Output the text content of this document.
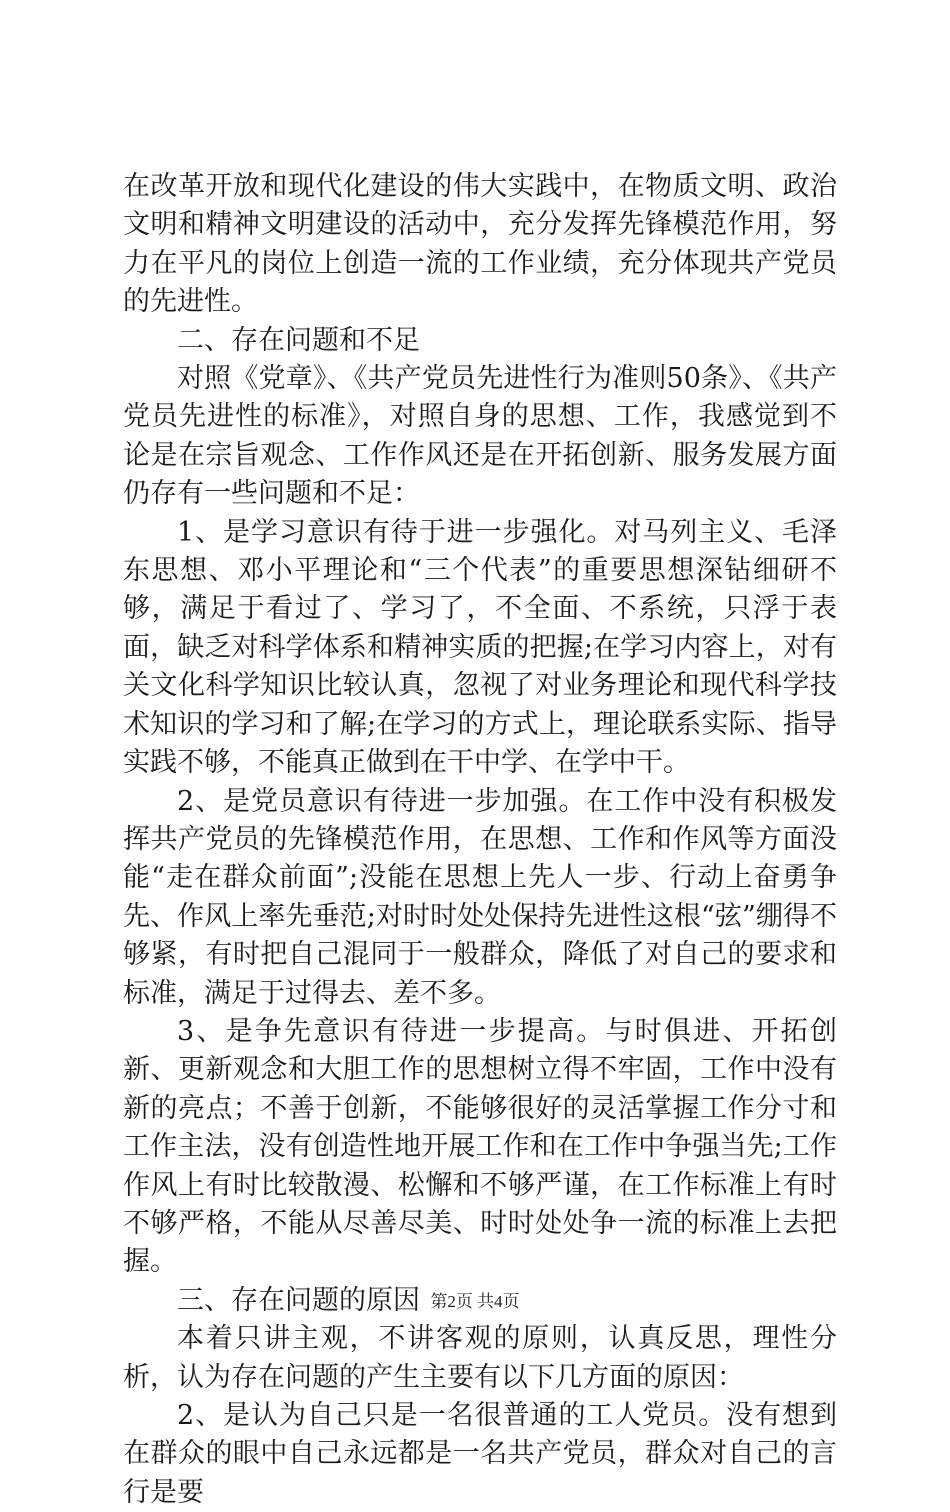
在改革开放和现代化建设的伟大实践中，在物质文明、政治文明和精神文明建设的活动中，充分发挥先锋模范作用，努力在平凡的岗位上创造一流的工作业绩，充分体现共产党员的先进性。

二、存在问题和不足

对照《党章》、《共产党员先进性行为准则50条》、《共产党员先进性的标准》，对照自身的思想、工作，我感觉到不论是在宗旨观念、工作作风还是在开拓创新、服务发展方面仍存有一些问题和不足：

1、是学习意识有待于进一步强化。对马列主义、毛泽东思想、邓小平理论和“三个代表”的重要思想深钻细研不够，满足于看过了、学习了，不全面、不系统，只浮于表面，缺乏对科学体系和精神实质的把握;在学习内容上，对有关文化科学知识比较认真，忽视了对业务理论和现代科学技术知识的学习和了解;在学习的方式上，理论联系实际、指导实践不够，不能真正做到在干中学、在学中干。

2、是党员意识有待进一步加强。在工作中没有积极发挥共产党员的先锋模范作用，在思想、工作和作风等方面没能“走在群众前面”;没能在思想上先人一步、行动上奋勇争先、作风上率先垂范;对时时处处保持先进性这根“弦”绷得不够紧，有时把自己混同于一般群众，降低了对自己的要求和标准，满足于过得去、差不多。

3、是争先意识有待进一步提高。与时俱进、开拓创新、更新观念和大胆工作的思想树立得不牢固，工作中没有新的亮点；不善于创新，不能够很好的灵活掌握工作分寸和工作主法，没有创造性地开展工作和在工作中争强当先;工作作风上有时比较散漫、松懈和不够严谨，在工作标准上有时不够严格，不能从尽善尽美、时时处处争一流的标准上去把握。

三、存在问题的原因

本着只讲主观，不讲客观的原则，认真反思，理性分析，认为存在问题的产生主要有以下几方面的原因：

2、是认为自己只是一名很普通的工人党员。没有想到在群众的眼中自己永远都是一名共产党员，群众对自己的言行是要

第2页 共4页
